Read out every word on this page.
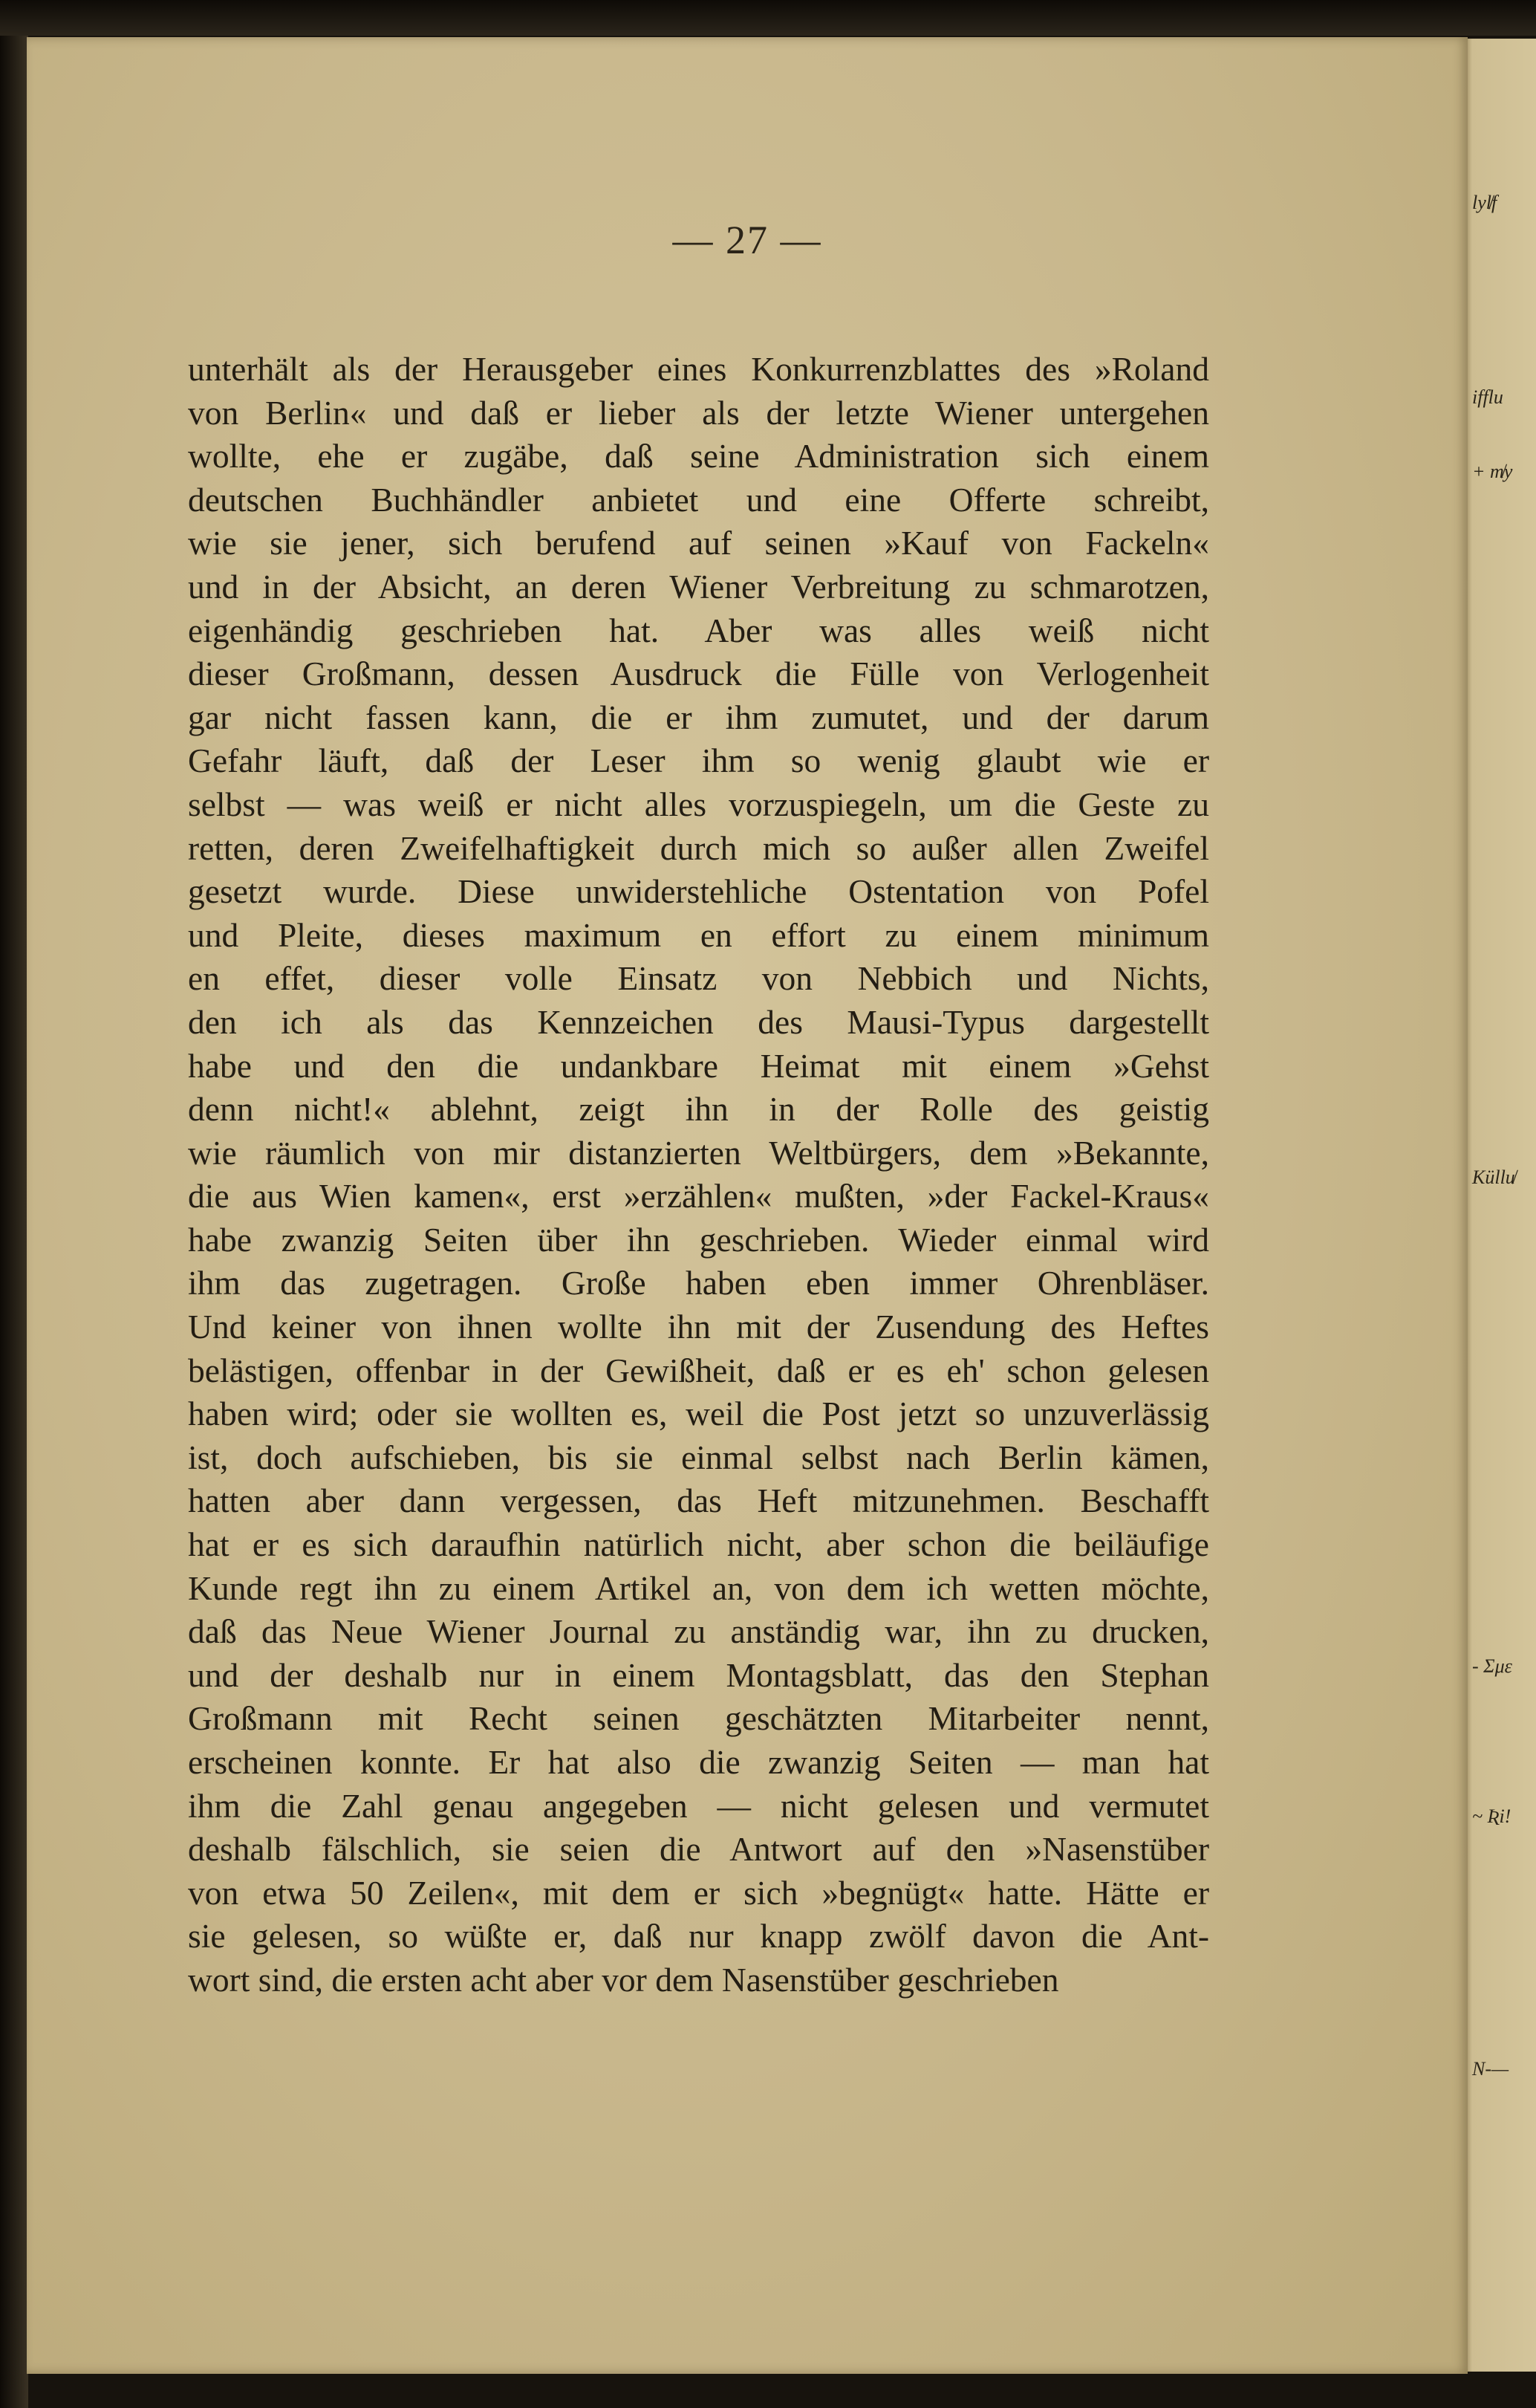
— 27 —
unterhält als der Herausgeber eines Konkurrenzblattes des »Roland
von Berlin« und daß er lieber als der letzte Wiener untergehen
wollte, ehe er zugäbe, daß seine Administration sich einem
deutschen Buchhändler anbietet und eine Offerte schreibt,
wie sie jener, sich berufend auf seinen »Kauf von Fackeln«
und in der Absicht, an deren Wiener Verbreitung zu schmarotzen,
eigenhändig geschrieben hat. Aber was alles weiß nicht
dieser Großmann, dessen Ausdruck die Fülle von Verlogenheit
gar nicht fassen kann, die er ihm zumutet, und der darum
Gefahr läuft, daß der Leser ihm so wenig glaubt wie er
selbst — was weiß er nicht alles vorzuspiegeln, um die Geste zu
retten, deren Zweifelhaftigkeit durch mich so außer allen Zweifel
gesetzt wurde. Diese unwiderstehliche Ostentation von Pofel
und Pleite, dieses maximum en effort zu einem minimum
en effet, dieser volle Einsatz von Nebbich und Nichts,
den ich als das Kennzeichen des Mausi-Typus dargestellt
habe und den die undankbare Heimat mit einem »Gehst
denn nicht!« ablehnt, zeigt ihn in der Rolle des geistig
wie räumlich von mir distanzierten Weltbürgers, dem »Bekannte,
die aus Wien kamen«, erst »erzählen« mußten, »der Fackel-Kraus«
habe zwanzig Seiten über ihn geschrieben. Wieder einmal wird
ihm das zugetragen. Große haben eben immer Ohrenbläser.
Und keiner von ihnen wollte ihn mit der Zusendung des Heftes
belästigen, offenbar in der Gewißheit, daß er es eh' schon gelesen
haben wird; oder sie wollten es, weil die Post jetzt so unzuverlässig
ist, doch aufschieben, bis sie einmal selbst nach Berlin kämen,
hatten aber dann vergessen, das Heft mitzunehmen. Beschafft
hat er es sich daraufhin natürlich nicht, aber schon die beiläufige
Kunde regt ihn zu einem Artikel an, von dem ich wetten möchte,
daß das Neue Wiener Journal zu anständig war, ihn zu drucken,
und der deshalb nur in einem Montagsblatt, das den Stephan
Großmann mit Recht seinen geschätzten Mitarbeiter nennt,
erscheinen konnte. Er hat also die zwanzig Seiten — man hat
ihm die Zahl genau angegeben — nicht gelesen und vermutet
deshalb fälschlich, sie seien die Antwort auf den »Nasenstüber
von etwa 50 Zeilen«, mit dem er sich »begnügt« hatte. Hätte er
sie gelesen, so wüßte er, daß nur knapp zwölf davon die Ant-
wort sind, die ersten acht aber vor dem Nasenstüber geschrieben
lyl̸f
ifflu
+ m̸y
Küllu̸
- Σμε
~ Ʀi!
N-—
